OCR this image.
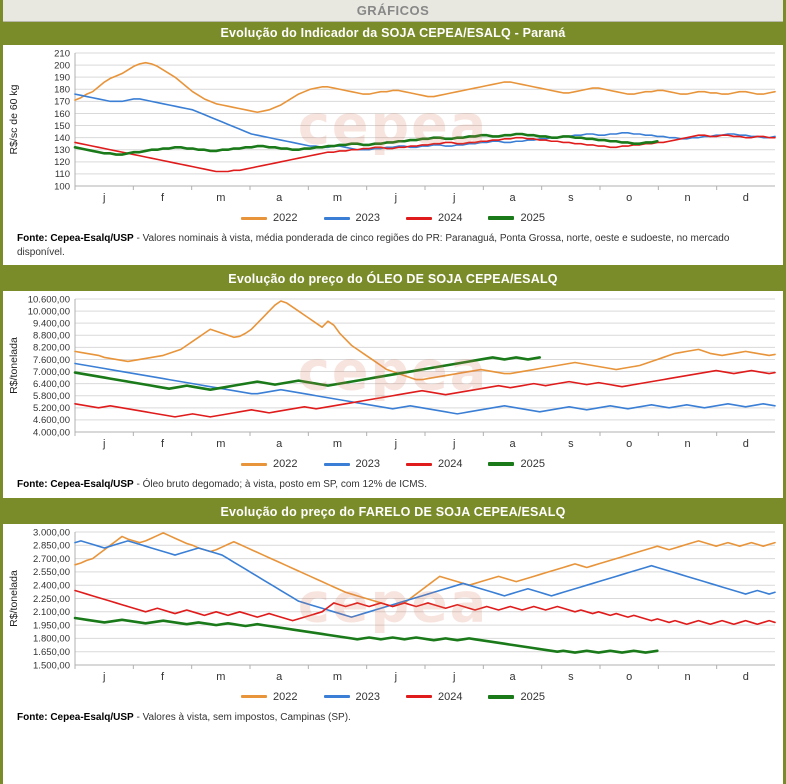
GRÁFICOS
Evolução do Indicador da SOJA CEPEA/ESALQ - Paraná
cepea
100
110
120
130
140
150
160
170
180
190
200
210
j	f	m	a	m	j	j	a	s	o	n	d
R$/sc de 60 kg
2022	2023	2024	2025
Fonte: Cepea-Esalq/USP - Valores nominais à vista, média ponderada de cinco regiões do PR: Paranaguá, Ponta Grossa, norte, oeste e sudoeste, no mercado disponível.
Evolução do preço do ÓLEO DE SOJA CEPEA/ESALQ
cepea
4.000,00
4.600,00
5.200,00
5.800,00
6.400,00
7.000,00
7.600,00
8.200,00
8.800,00
9.400,00
10.000,00
10.600,00
j	f	m	a	m	j	j	a	s	o	n	d
R$/tonelada
2022	2023	2024	2025
Fonte: Cepea-Esalq/USP - Óleo bruto degomado; à vista, posto em SP, com 12% de ICMS.
Evolução do preço do FARELO DE SOJA CEPEA/ESALQ
cepea
1.500,00
1.650,00
1.800,00
1.950,00
2.100,00
2.250,00
2.400,00
2.550,00
2.700,00
2.850,00
3.000,00
j	f	m	a	m	j	j	a	s	o	n	d
R$/tonelada
2022	2023	2024	2025
Fonte: Cepea-Esalq/USP - Valores à vista, sem impostos, Campinas (SP).
